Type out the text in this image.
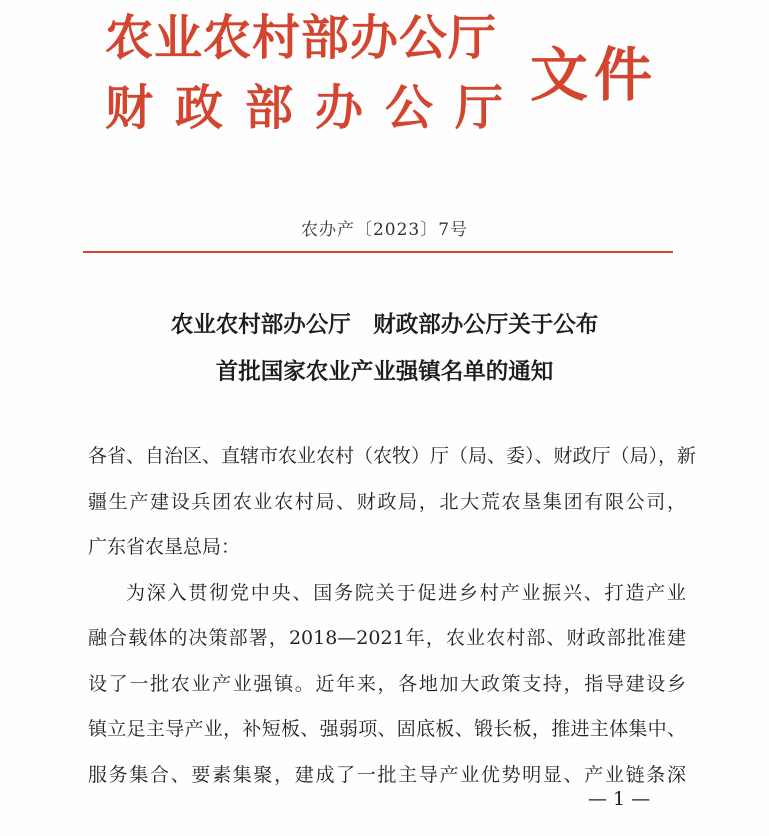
农业农村部办公厅
财政部办公厅 文件
农办产〔2023〕7号
农业农村部办公厅　财政部办公厅关于公布
首批国家农业产业强镇名单的通知
各省、自治区、直辖市农业农村（农牧）厅（局、委）、财政厅（局），新
疆生产建设兵团农业农村局、财政局，北大荒农垦集团有限公司，
广东省农垦总局：
为深入贯彻党中央、国务院关于促进乡村产业振兴、打造产业
融合载体的决策部署，2018—2021年，农业农村部、财政部批准建
设了一批农业产业强镇。近年来，各地加大政策支持，指导建设乡
镇立足主导产业，补短板、强弱项、固底板、锻长板，推进主体集中、
服务集合、要素集聚，建成了一批主导产业优势明显、产业链条深
— 1 —
